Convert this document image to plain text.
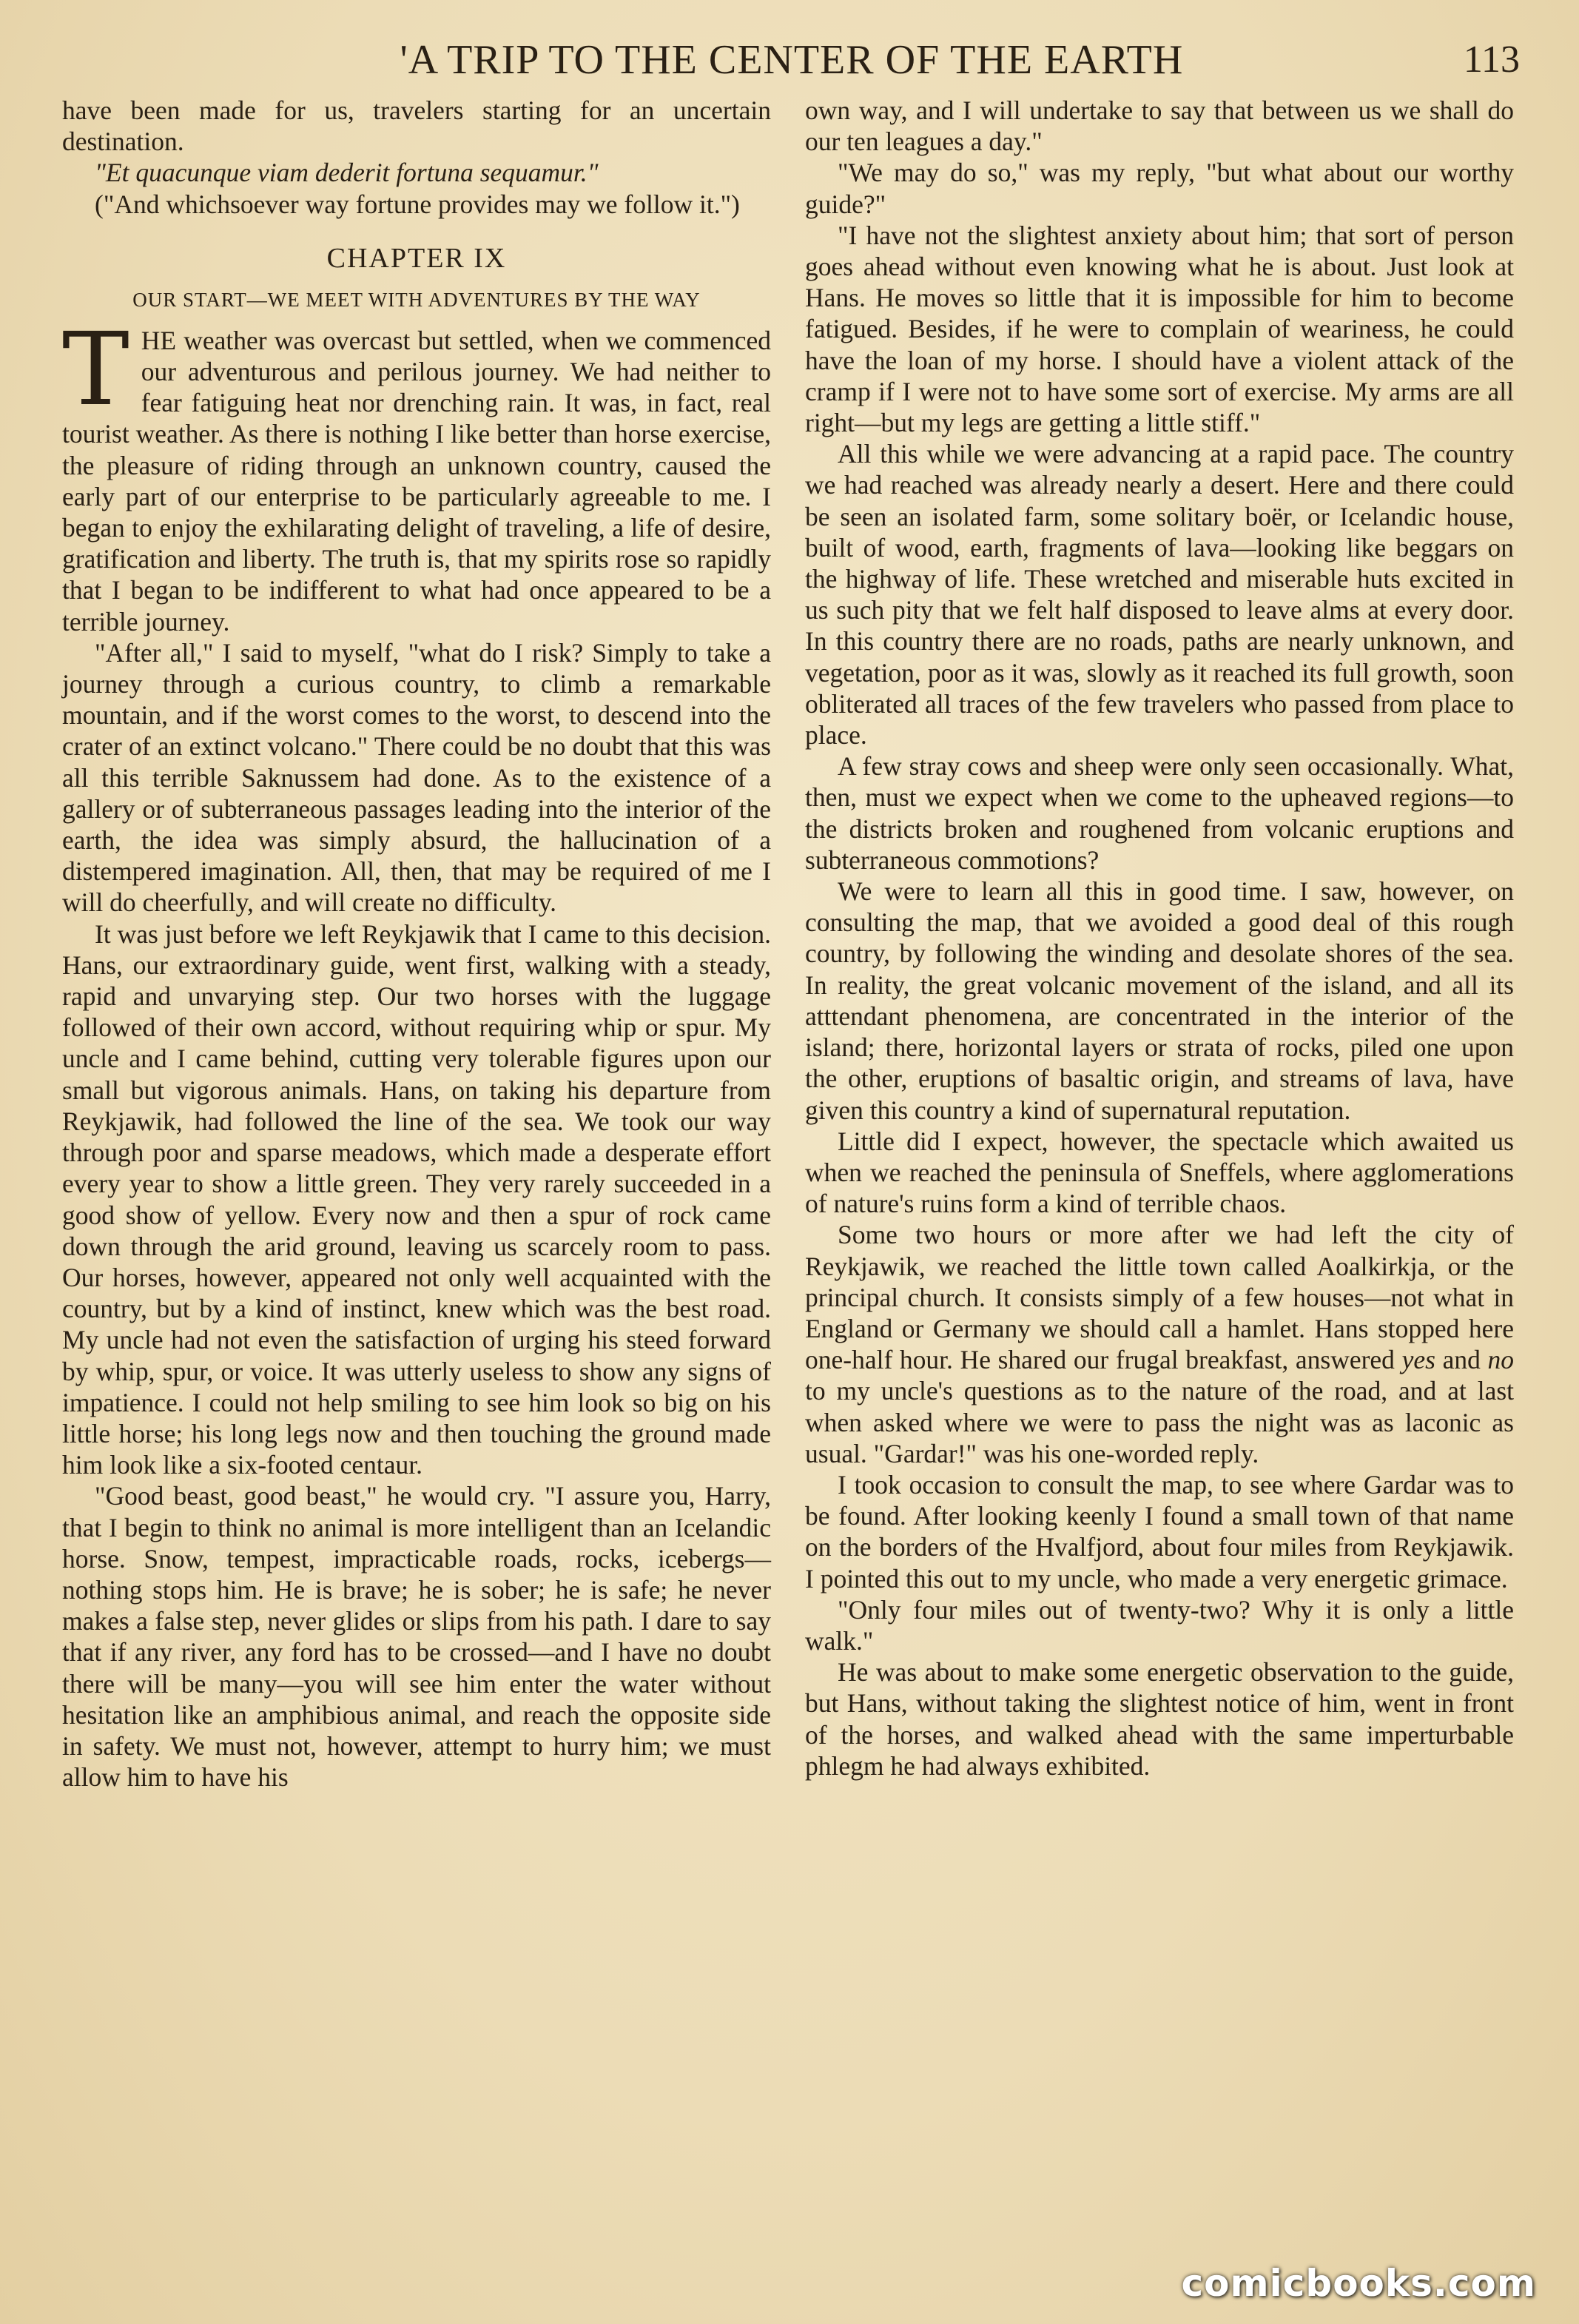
'A TRIP TO THE CENTER OF THE EARTH	113

have been made for us, travelers starting for an uncertain destination.

"Et quacunque viam dederit fortuna sequamur."

("And whichsoever way fortune provides may we follow it.")

CHAPTER IX
OUR START—WE MEET WITH ADVENTURES BY THE WAY

THE weather was overcast but settled, when we commenced our adventurous and perilous journey. We had neither to fear fatiguing heat nor drenching rain. It was, in fact, real tourist weather. As there is nothing I like better than horse exercise, the pleasure of riding through an unknown country, caused the early part of our enterprise to be particularly agreeable to me. I began to enjoy the exhilarating delight of traveling, a life of desire, gratification and liberty. The truth is, that my spirits rose so rapidly that I began to be indifferent to what had once appeared to be a terrible journey.

"After all," I said to myself, "what do I risk? Simply to take a journey through a curious country, to climb a remarkable mountain, and if the worst comes to the worst, to descend into the crater of an extinct volcano." There could be no doubt that this was all this terrible Saknussem had done. As to the existence of a gallery or of subterraneous passages leading into the interior of the earth, the idea was simply absurd, the hallucination of a distempered imagination. All, then, that may be required of me I will do cheerfully, and will create no difficulty.

It was just before we left Reykjawik that I came to this decision. Hans, our extraordinary guide, went first, walking with a steady, rapid and unvarying step. Our two horses with the luggage followed of their own accord, without requiring whip or spur. My uncle and I came behind, cutting very tolerable figures upon our small but vigorous animals. Hans, on taking his departure from Reykjawik, had followed the line of the sea. We took our way through poor and sparse meadows, which made a desperate effort every year to show a little green. They very rarely succeeded in a good show of yellow. Every now and then a spur of rock came down through the arid ground, leaving us scarcely room to pass. Our horses, however, appeared not only well acquainted with the country, but by a kind of instinct, knew which was the best road. My uncle had not even the satisfaction of urging his steed forward by whip, spur, or voice. It was utterly useless to show any signs of impatience. I could not help smiling to see him look so big on his little horse; his long legs now and then touching the ground made him look like a six-footed centaur.

"Good beast, good beast," he would cry. "I assure you, Harry, that I begin to think no animal is more intelligent than an Icelandic horse. Snow, tempest, impracticable roads, rocks, icebergs—nothing stops him. He is brave; he is sober; he is safe; he never makes a false step, never glides or slips from his path. I dare to say that if any river, any ford has to be crossed—and I have no doubt there will be many—you will see him enter the water without hesitation like an amphibious animal, and reach the opposite side in safety. We must not, however, attempt to hurry him; we must allow him to have his

own way, and I will undertake to say that between us we shall do our ten leagues a day."

"We may do so," was my reply, "but what about our worthy guide?"

"I have not the slightest anxiety about him; that sort of person goes ahead without even knowing what he is about. Just look at Hans. He moves so little that it is impossible for him to become fatigued. Besides, if he were to complain of weariness, he could have the loan of my horse. I should have a violent attack of the cramp if I were not to have some sort of exercise. My arms are all right—but my legs are getting a little stiff."

All this while we were advancing at a rapid pace. The country we had reached was already nearly a desert. Here and there could be seen an isolated farm, some solitary boër, or Icelandic house, built of wood, earth, fragments of lava—looking like beggars on the highway of life. These wretched and miserable huts excited in us such pity that we felt half disposed to leave alms at every door. In this country there are no roads, paths are nearly unknown, and vegetation, poor as it was, slowly as it reached its full growth, soon obliterated all traces of the few travelers who passed from place to place.

A few stray cows and sheep were only seen occasionally. What, then, must we expect when we come to the upheaved regions—to the districts broken and roughened from volcanic eruptions and subterraneous commotions?

We were to learn all this in good time. I saw, however, on consulting the map, that we avoided a good deal of this rough country, by following the winding and desolate shores of the sea. In reality, the great volcanic movement of the island, and all its atttendant phenomena, are concentrated in the interior of the island; there, horizontal layers or strata of rocks, piled one upon the other, eruptions of basaltic origin, and streams of lava, have given this country a kind of supernatural reputation.

Little did I expect, however, the spectacle which awaited us when we reached the peninsula of Sneffels, where agglomerations of nature's ruins form a kind of terrible chaos.

Some two hours or more after we had left the city of Reykjawik, we reached the little town called Aoalkirkja, or the principal church. It consists simply of a few houses—not what in England or Germany we should call a hamlet. Hans stopped here one-half hour. He shared our frugal breakfast, answered yes and no to my uncle's questions as to the nature of the road, and at last when asked where we were to pass the night was as laconic as usual. "Gardar!" was his one-worded reply.

I took occasion to consult the map, to see where Gardar was to be found. After looking keenly I found a small town of that name on the borders of the Hvalfjord, about four miles from Reykjawik. I pointed this out to my uncle, who made a very energetic grimace.

"Only four miles out of twenty-two? Why it is only a little walk."

He was about to make some energetic observation to the guide, but Hans, without taking the slightest notice of him, went in front of the horses, and walked ahead with the same imperturbable phlegm he had always exhibited.

comicbooks.com
